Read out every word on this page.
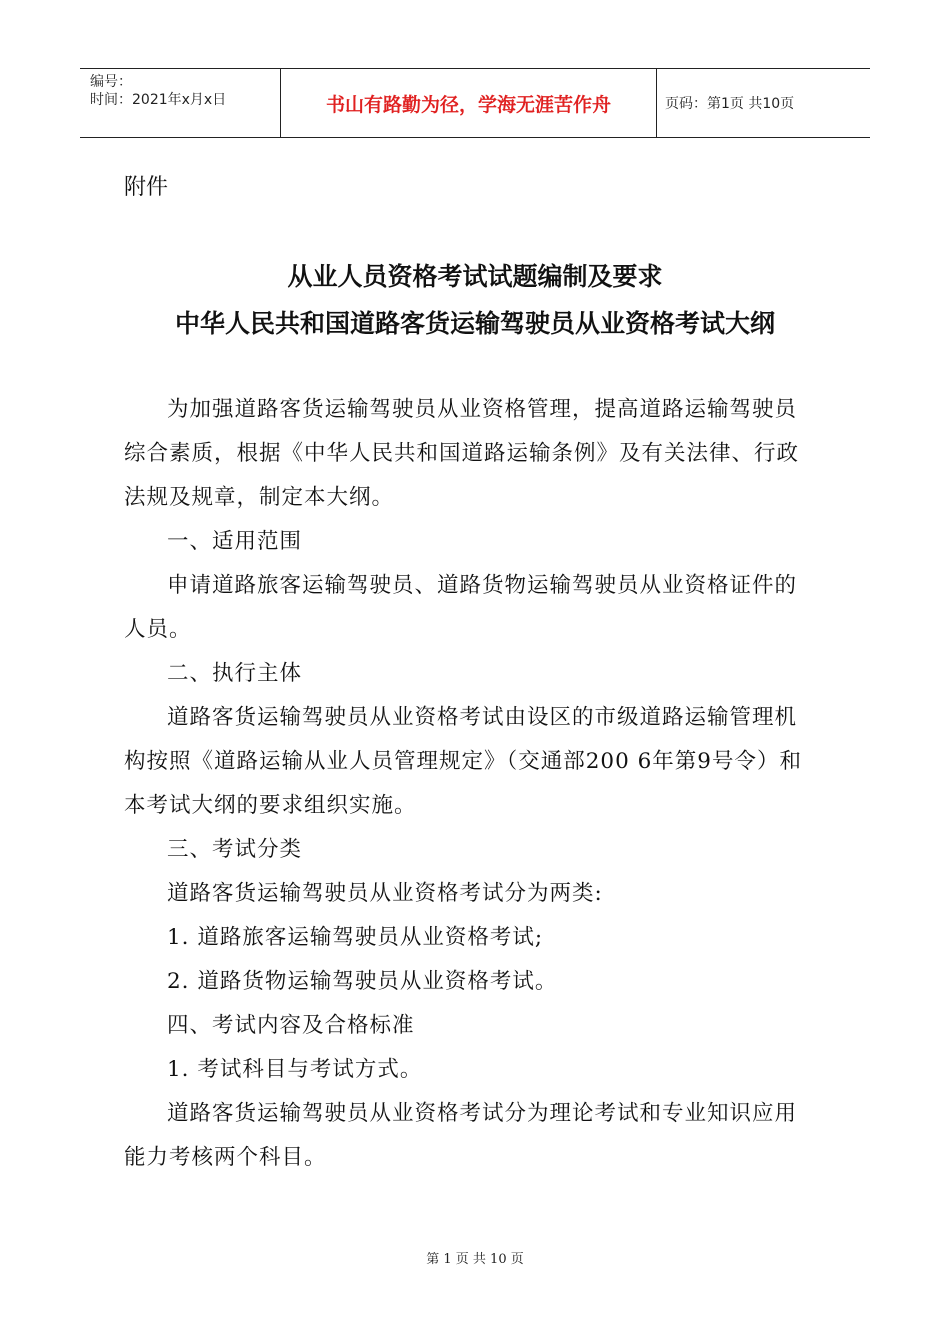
编号：
时间：2021年x月x日	书山有路勤为径，学海无涯苦作舟	页码：第1页 共10页
附件
从业人员资格考试试题编制及要求
中华人民共和国道路客货运输驾驶员从业资格考试大纲

为加强道路客货运输驾驶员从业资格管理，提高道路运输驾驶员综合素质，根据《中华人民共和国道路运输条例》及有关法律、行政法规及规章，制定本大纲。

一、适用范围

申请道路旅客运输驾驶员、道路货物运输驾驶员从业资格证件的人员。

二、执行主体

道路客货运输驾驶员从业资格考试由设区的市级道路运输管理机构按照《道路运输从业人员管理规定》（交通部200 6年第9号令）和本考试大纲的要求组织实施。

三、考试分类

道路客货运输驾驶员从业资格考试分为两类:

1. 道路旅客运输驾驶员从业资格考试;

2. 道路货物运输驾驶员从业资格考试。

四、考试内容及合格标准

1. 考试科目与考试方式。

道路客货运输驾驶员从业资格考试分为理论考试和专业知识应用能力考核两个科目。

第 1 页 共 10 页
